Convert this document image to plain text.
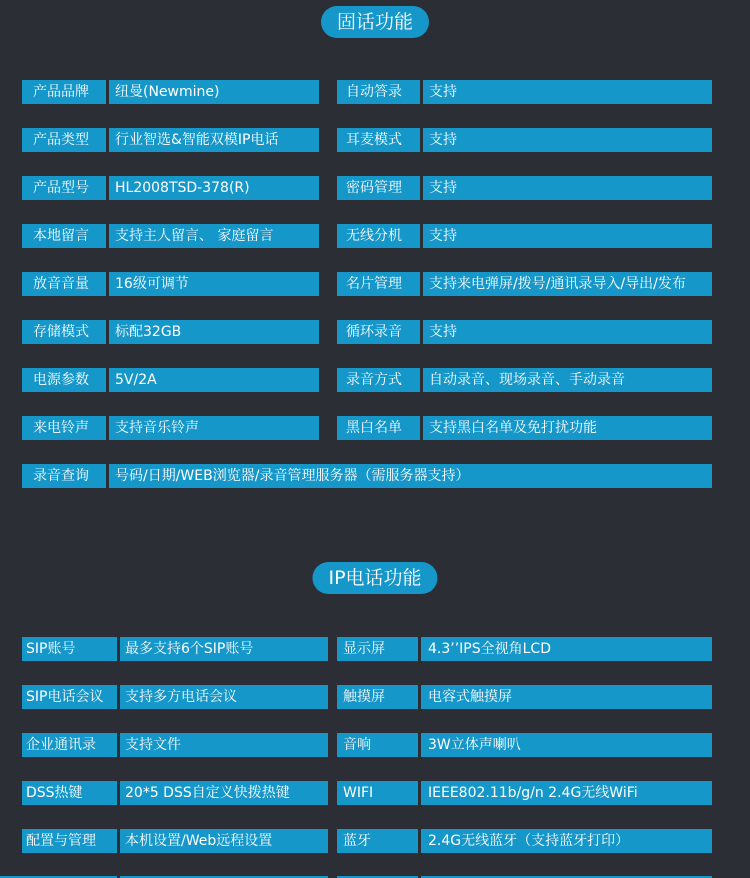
固话功能
产品品牌	纽曼(Newmine)	自动答录	支持
产品类型	行业智选&智能双模IP电话	耳麦模式	支持
产品型号	HL2008TSD-378(R)	密码管理	支持
本地留言	支持主人留言、 家庭留言	无线分机	支持
放音音量	16级可调节	名片管理	支持来电弹屏/拨号/通讯录导入/导出/发布
存储模式	标配32GB	循环录音	支持
电源参数	5V/2A	录音方式	自动录音、现场录音、手动录音
来电铃声	支持音乐铃声	黑白名单	支持黑白名单及免打扰功能
录音查询	号码/日期/WEB浏览器/录音管理服务器（需服务器支持）
IP电话功能
SIP账号	最多支持6个SIP账号	显示屏	4.3’’IPS全视角LCD
SIP电话会议	支持多方电话会议	触摸屏	电容式触摸屏
企业通讯录	支持文件	音响	3W立体声喇叭
DSS热键	20*5 DSS自定义快拨热键	WIFI	IEEE802.11b/g/n 2.4G无线WiFi
配置与管理	本机设置/Web远程设置	蓝牙	2.4G无线蓝牙（支持蓝牙打印）
